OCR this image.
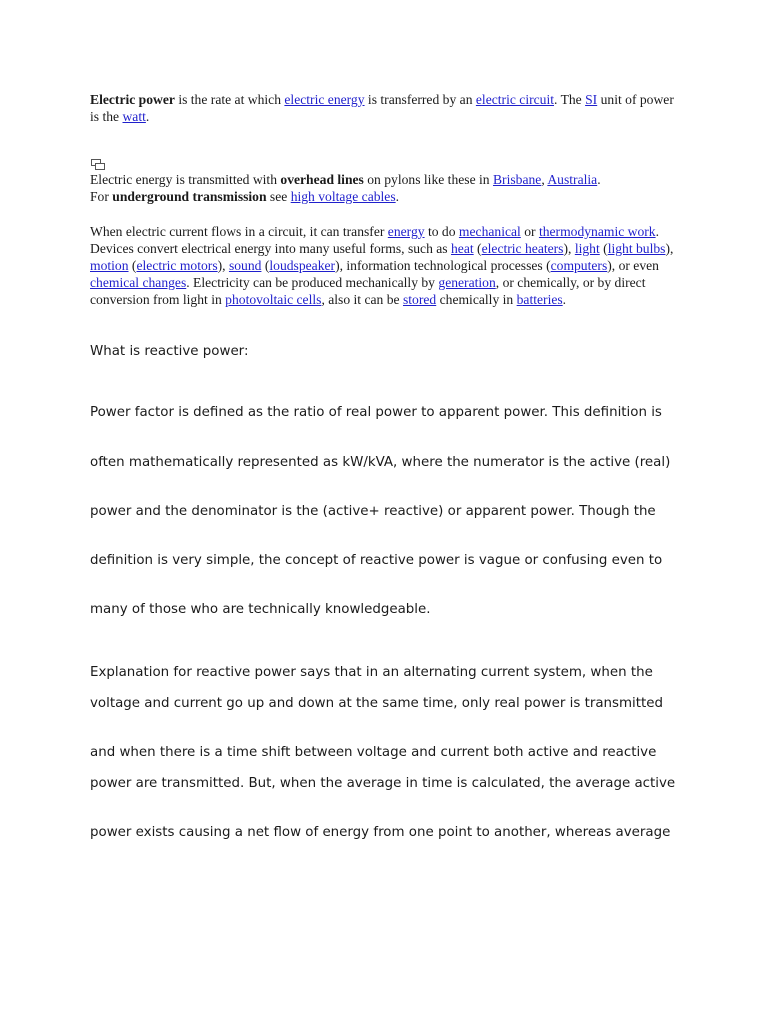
Electric power is the rate at which electric energy is transferred by an electric circuit. The SI unit of power is the watt.

Electric energy is transmitted with overhead lines on pylons like these in Brisbane, Australia.
For underground transmission see high voltage cables.

When electric current flows in a circuit, it can transfer energy to do mechanical or thermodynamic work. Devices convert electrical energy into many useful forms, such as heat (electric heaters), light (light bulbs), motion (electric motors), sound (loudspeaker), information technological processes (computers), or even chemical changes. Electricity can be produced mechanically by generation, or chemically, or by direct conversion from light in photovoltaic cells, also it can be stored chemically in batteries.

What is reactive power:

Power factor is defined as the ratio of real power to apparent power. This definition is

often mathematically represented as kW/kVA, where the numerator is the active (real)

power and the denominator is the (active+ reactive) or apparent power. Though the

definition is very simple, the concept of reactive power is vague or confusing even to

many of those who are technically knowledgeable.

Explanation for reactive power says that in an alternating current system, when the

voltage and current go up and down at the same time, only real power is transmitted

and when there is a time shift between voltage and current both active and reactive

power are transmitted. But, when the average in time is calculated, the average active

power exists causing a net flow of energy from one point to another, whereas average
